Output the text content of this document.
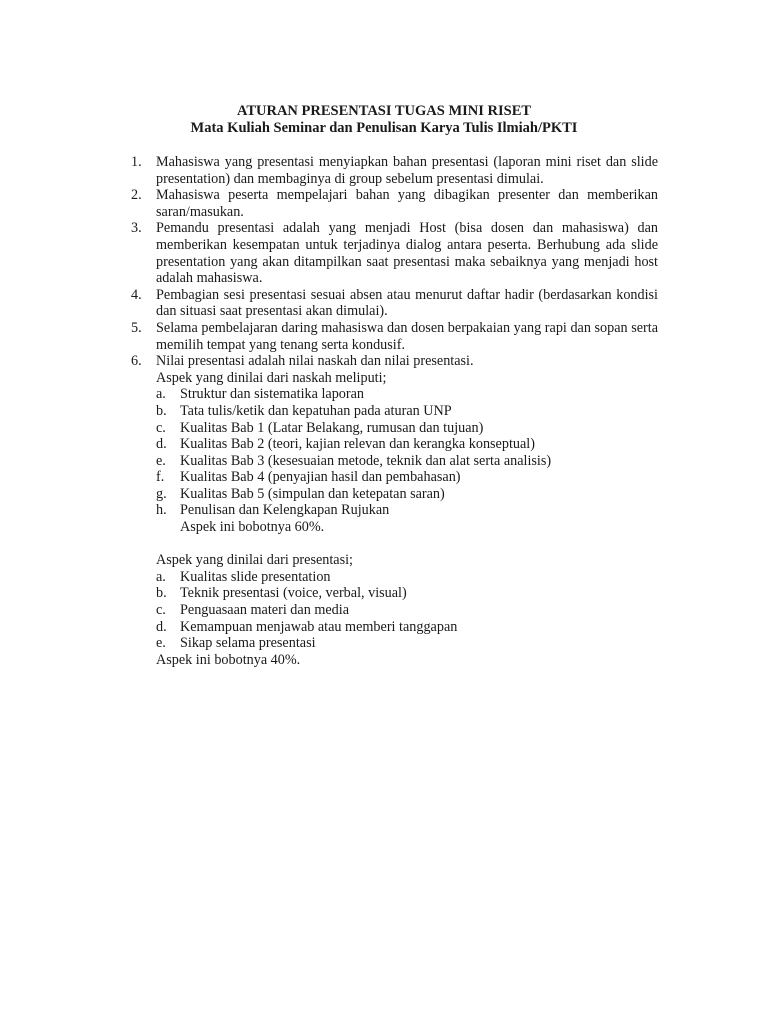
ATURAN PRESENTASI TUGAS MINI RISET
Mata Kuliah Seminar dan Penulisan Karya Tulis Ilmiah/PKTI
1. Mahasiswa yang presentasi menyiapkan bahan presentasi (laporan mini riset dan slide presentation) dan membaginya di group sebelum presentasi dimulai.
2. Mahasiswa peserta mempelajari bahan yang dibagikan presenter dan memberikan saran/masukan.
3. Pemandu presentasi adalah yang menjadi Host (bisa dosen dan mahasiswa) dan memberikan kesempatan untuk terjadinya dialog antara peserta. Berhubung ada slide presentation yang akan ditampilkan saat presentasi maka sebaiknya yang menjadi host adalah mahasiswa.
4. Pembagian sesi presentasi sesuai absen atau menurut daftar hadir (berdasarkan kondisi dan situasi saat presentasi akan dimulai).
5. Selama pembelajaran daring mahasiswa dan dosen berpakaian yang rapi dan sopan serta memilih tempat yang tenang serta kondusif.
6. Nilai presentasi adalah nilai naskah dan nilai presentasi.
Aspek yang dinilai dari naskah meliputi;
a. Struktur dan sistematika laporan
b. Tata tulis/ketik dan kepatuhan pada aturan UNP
c. Kualitas Bab 1 (Latar Belakang, rumusan dan tujuan)
d. Kualitas Bab 2 (teori, kajian relevan dan kerangka konseptual)
e. Kualitas Bab 3 (kesesuaian metode, teknik dan alat serta analisis)
f. Kualitas Bab 4 (penyajian hasil dan pembahasan)
g. Kualitas Bab 5 (simpulan dan ketepatan saran)
h. Penulisan dan Kelengkapan Rujukan
Aspek ini bobotnya 60%.
Aspek yang dinilai dari presentasi;
a. Kualitas slide presentation
b. Teknik presentasi (voice, verbal, visual)
c. Penguasaan materi dan media
d. Kemampuan menjawab atau memberi tanggapan
e. Sikap selama presentasi
Aspek ini bobotnya 40%.
